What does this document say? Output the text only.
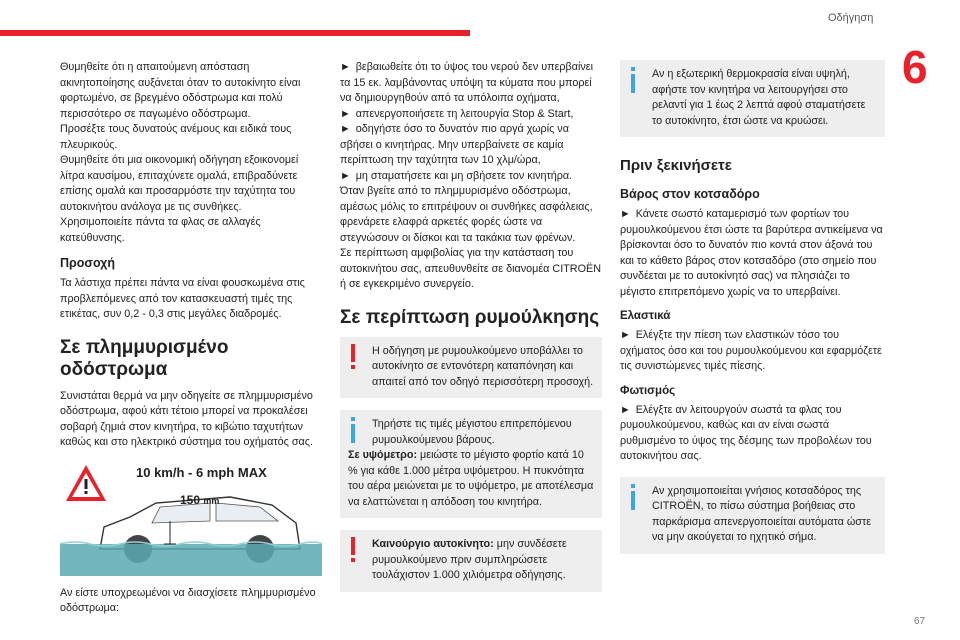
Οδήγηση
6
67

Θυμηθείτε ότι η απαιτούμενη απόσταση ακινητοποίησης αυξάνεται όταν το αυτοκίνητο είναι φορτωμένο, σε βρεγμένο οδόστρωμα και πολύ περισσότερο σε παγωμένο οδόστρωμα.

Προσέξτε τους δυνατούς ανέμους και ειδικά τους πλευρικούς.

Θυμηθείτε ότι μια οικονομική οδήγηση εξοικονομεί λίτρα καυσίμου, επιταχύνετε ομαλά, επιβραδύνετε επίσης ομαλά και προσαρμόστε την ταχύτητα του αυτοκινήτου ανάλογα με τις συνθήκες.

Χρησιμοποιείτε πάντα τα φλας σε αλλαγές κατεύθυνσης.

Προσοχή

Τα λάστιχα πρέπει πάντα να είναι φουσκωμένα στις προβλεπόμενες από τον κατασκευαστή τιμές της ετικέτας, συν 0,2 - 0,3 στις μεγάλες διαδρομές.

Σε πλημμυρισμένο οδόστρωμα

Συνιστάται θερμά να μην οδηγείτε σε πλημμυρισμένο οδόστρωμα, αφού κάτι τέτοιο μπορεί να προκαλέσει σοβαρή ζημιά στον κινητήρα, το κιβώτιο ταχυτήτων καθώς και στο ηλεκτρικό σύστημα του οχήματός σας.

10 km/h - 6 mph MAX
150 mm

Αν είστε υποχρεωμένοι να διασχίσετε πλημμυρισμένο οδόστρωμα:

► βεβαιωθείτε ότι το ύψος του νερού δεν υπερβαίνει τα 15 εκ. λαμβάνοντας υπόψη τα κύματα που μπορεί να δημιουργηθούν από τα υπόλοιπα οχήματα,

► απενεργοποιήσετε τη λειτουργία Stop & Start,

► οδηγήστε όσο το δυνατόν πιο αργά χωρίς να σβήσει ο κινητήρας. Μην υπερβαίνετε σε καμία περίπτωση την ταχύτητα των 10 χλμ/ώρα,

► μη σταματήσετε και μη σβήσετε τον κινητήρα.

Όταν βγείτε από το πλημμυρισμένο οδόστρωμα, αμέσως μόλις το επιτρέψουν οι συνθήκες ασφάλειας, φρενάρετε ελαφρά αρκετές φορές ώστε να στεγνώσουν οι δίσκοι και τα τακάκια των φρένων.

Σε περίπτωση αμφιβολίας για την κατάσταση του αυτοκινήτου σας, απευθυνθείτε σε διανομέα CITROËN ή σε εγκεκριμένο συνεργείο.

Σε περίπτωση ρυμούλκησης

Η οδήγηση με ρυμουλκούμενο υποβάλλει το αυτοκίνητο σε εντονότερη καταπόνηση και απαιτεί από τον οδηγό περισσότερη προσοχή.

Τηρήστε τις τιμές μέγιστου επιτρεπόμενου ρυμουλκούμενου βάρους.

Σε υψόμετρο: μειώστε το μέγιστο φορτίο κατά 10 % για κάθε 1.000 μέτρα υψόμετρου. Η πυκνότητα του αέρα μειώνεται με το υψόμετρο, με αποτέλεσμα να ελαττώνεται η απόδοση του κινητήρα.

Καινούργιο αυτοκίνητο: μην συνδέσετε ρυμουλκούμενο πριν συμπληρώσετε τουλάχιστον 1.000 χιλιόμετρα οδήγησης.

Αν η εξωτερική θερμοκρασία είναι υψηλή, αφήστε τον κινητήρα να λειτουργήσει στο ρελαντί για 1 έως 2 λεπτά αφού σταματήσετε το αυτοκίνητο, έτσι ώστε να κρυώσει.

Πριν ξεκινήσετε
Βάρος στον κοτσαδόρο

► Κάνετε σωστό καταμερισμό των φορτίων του ρυμουλκούμενου έτσι ώστε τα βαρύτερα αντικείμενα να βρίσκονται όσο το δυνατόν πιο κοντά στον άξονά του και το κάθετο βάρος στον κοτσαδόρο (στο σημείο που συνδέεται με το αυτοκίνητό σας) να πλησιάζει το μέγιστο επιτρεπόμενο χωρίς να το υπερβαίνει.

Ελαστικά

► Ελέγξτε την πίεση των ελαστικών τόσο του οχήματος όσο και του ρυμουλκούμενου και εφαρμόζετε τις συνιστώμενες τιμές πίεσης.

Φωτισμός

► Ελέγξτε αν λειτουργούν σωστά τα φλας του ρυμουλκούμενου, καθώς και αν είναι σωστά ρυθμισμένο το ύψος της δέσμης των προβολέων του αυτοκινήτου σας.

Αν χρησιμοποιείται γνήσιος κοτσαδόρος της CITROËN, το πίσω σύστημα βοήθειας στο παρκάρισμα απενεργοποιείται αυτόματα ώστε να μην ακούγεται το ηχητικό σήμα.
